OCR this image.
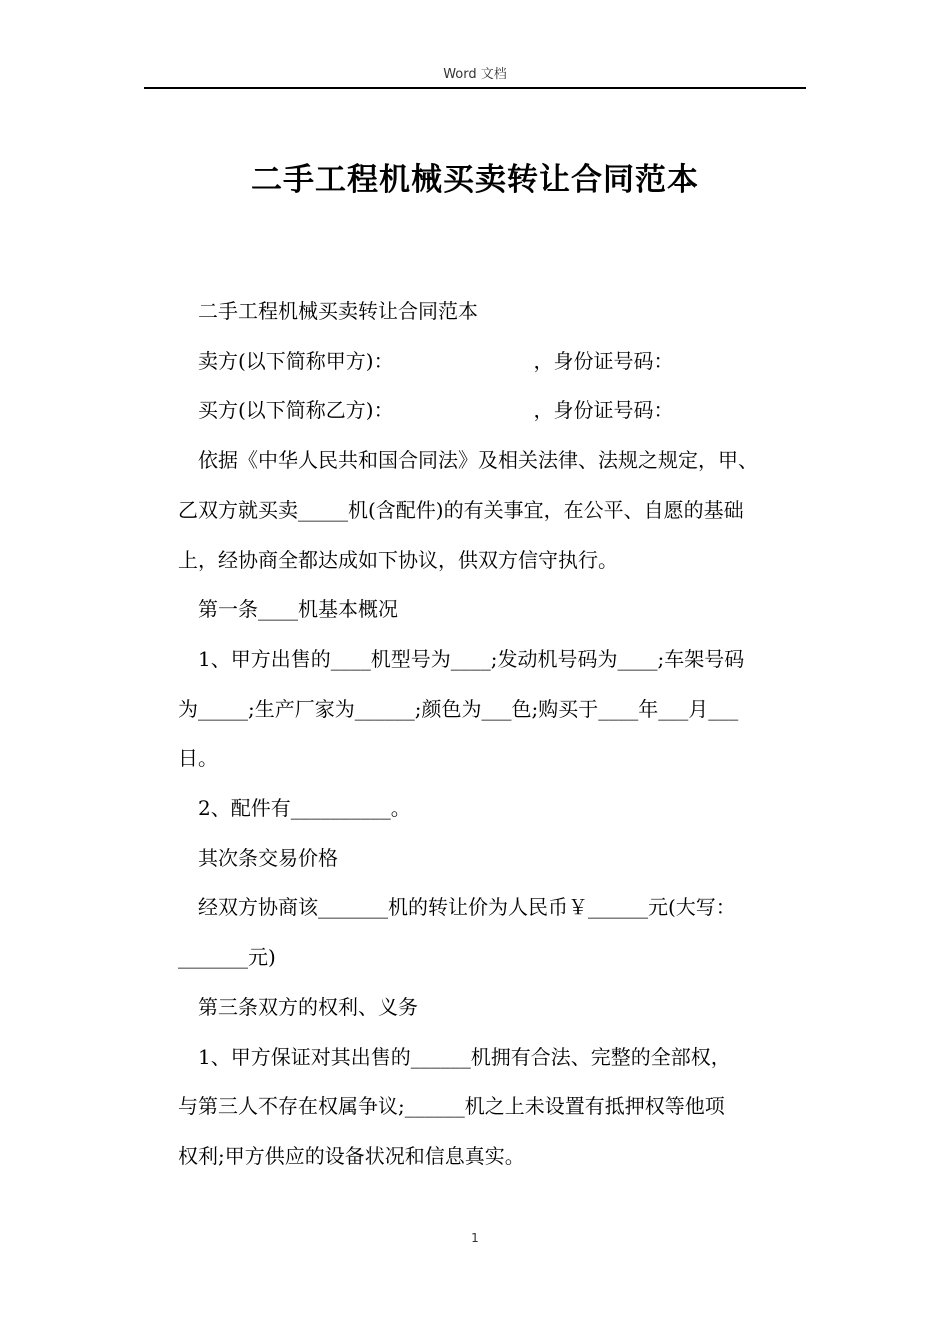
Word 文档
二手工程机械买卖转让合同范本

二手工程机械买卖转让合同范本

卖方(以下简称甲方)：                      ，身份证号码：

买方(以下简称乙方)：                      ，身份证号码：

依据《中华人民共和国合同法》及相关法律、法规之规定，甲、

乙双方就买卖_____机(含配件)的有关事宜，在公平、自愿的基础

上，经协商全都达成如下协议，供双方信守执行。

第一条____机基本概况

1、甲方出售的____机型号为____;发动机号码为____;车架号码

为_____;生产厂家为______;颜色为___色;购买于____年___月___

日。

2、配件有__________。

其次条交易价格

经双方协商该_______机的转让价为人民币￥______元(大写：

_______元)

第三条双方的权利、义务

1、甲方保证对其出售的______机拥有合法、完整的全部权，

与第三人不存在权属争议;______机之上未设置有抵押权等他项

权利;甲方供应的设备状况和信息真实。

1
